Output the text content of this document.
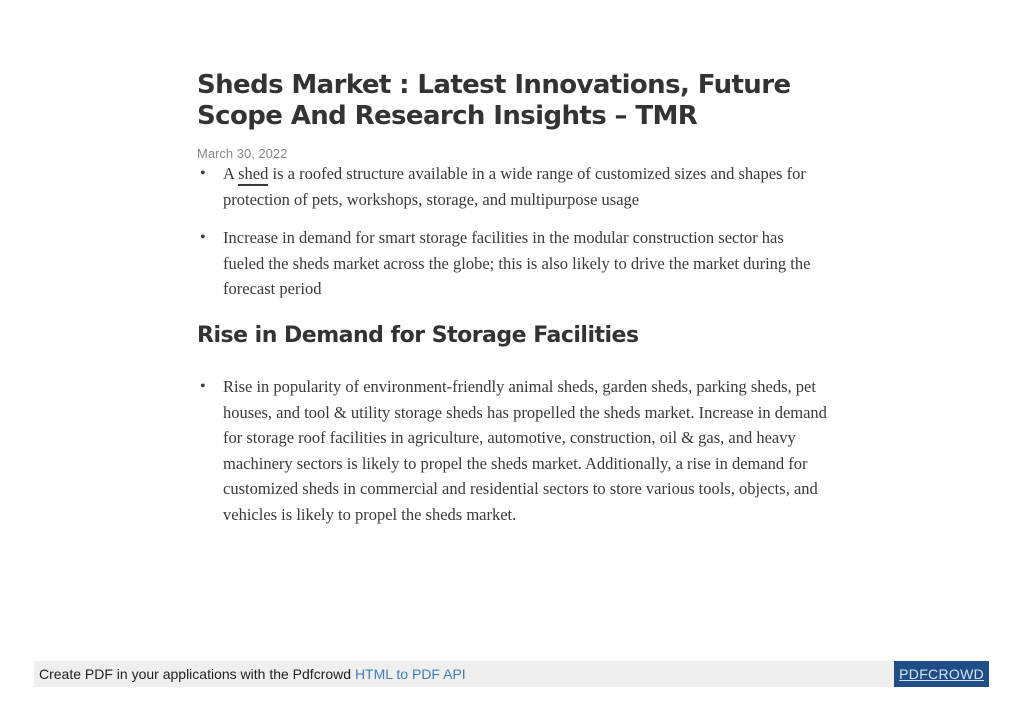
Sheds Market : Latest Innovations, Future Scope And Research Insights – TMR
March 30, 2022
• A shed is a roofed structure available in a wide range of customized sizes and shapes for protection of pets, workshops, storage, and multipurpose usage
• Increase in demand for smart storage facilities in the modular construction sector has fueled the sheds market across the globe; this is also likely to drive the market during the forecast period
Rise in Demand for Storage Facilities
• Rise in popularity of environment-friendly animal sheds, garden sheds, parking sheds, pet houses, and tool & utility storage sheds has propelled the sheds market. Increase in demand for storage roof facilities in agriculture, automotive, construction, oil & gas, and heavy machinery sectors is likely to propel the sheds market. Additionally, a rise in demand for customized sheds in commercial and residential sectors to store various tools, objects, and vehicles is likely to propel the sheds market.
Create PDF in your applications with the Pdfcrowd HTML to PDF API	PDFCROWD
